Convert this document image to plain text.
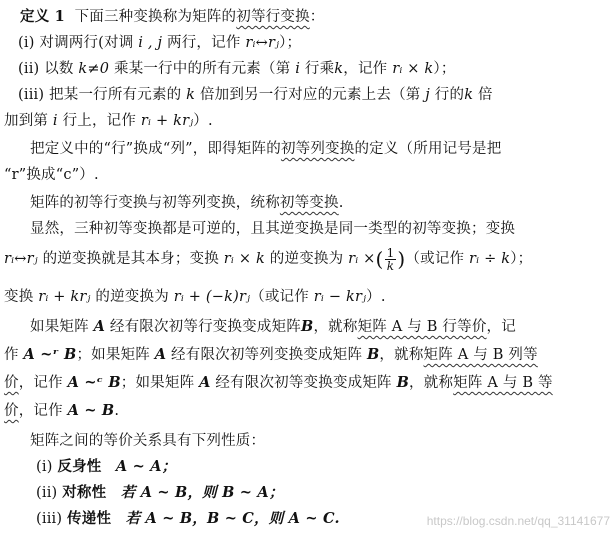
定义 1 下面三种变换称为矩阵的初等行变换：
(i) 对调两行(对调 i , j 两行，记作 rᵢ↔rⱼ）；
(ii) 以数 k≠0 乘某一行中的所有元素（第 i 行乘k，记作 rᵢ × k）；
(iii) 把某一行所有元素的 k 倍加到另一行对应的元素上去（第 j 行的k 倍
加到第 i 行上，记作 rᵢ + krⱼ）.
把定义中的“行”换成“列”，即得矩阵的初等列变换的定义（所用记号是把
“r”换成“c”）.
矩阵的初等行变换与初等列变换，统称初等变换.
显然，三种初等变换都是可逆的，且其逆变换是同一类型的初等变换；变换
rᵢ↔rⱼ 的逆变换就是其本身；变换 rᵢ × k 的逆变换为 rᵢ ×( $\frac{1}{k}$ )（或记作 rᵢ ÷ k）；
变换 rᵢ + krⱼ 的逆变换为 rᵢ + (−k)rⱼ（或记作 rᵢ − krⱼ）.
如果矩阵 A 经有限次初等行变换变成矩阵B，就称矩阵 A 与 B 行等价，记
作 A ~ʳ B；如果矩阵 A 经有限次初等列变换变成矩阵 B，就称矩阵 A 与 B 列等
价，记作 A ~ᶜ B；如果矩阵 A 经有限次初等变换变成矩阵 B，就称矩阵 A 与 B 等
价，记作 A ~ B.
矩阵之间的等价关系具有下列性质：
(i) 反身性 A ~ A；
(ii) 对称性 若 A ~ B，则 B ~ A；
(iii) 传递性 若 A ~ B，B ~ C，则 A ~ C.	https://blog.csdn.net/qq_31141677
